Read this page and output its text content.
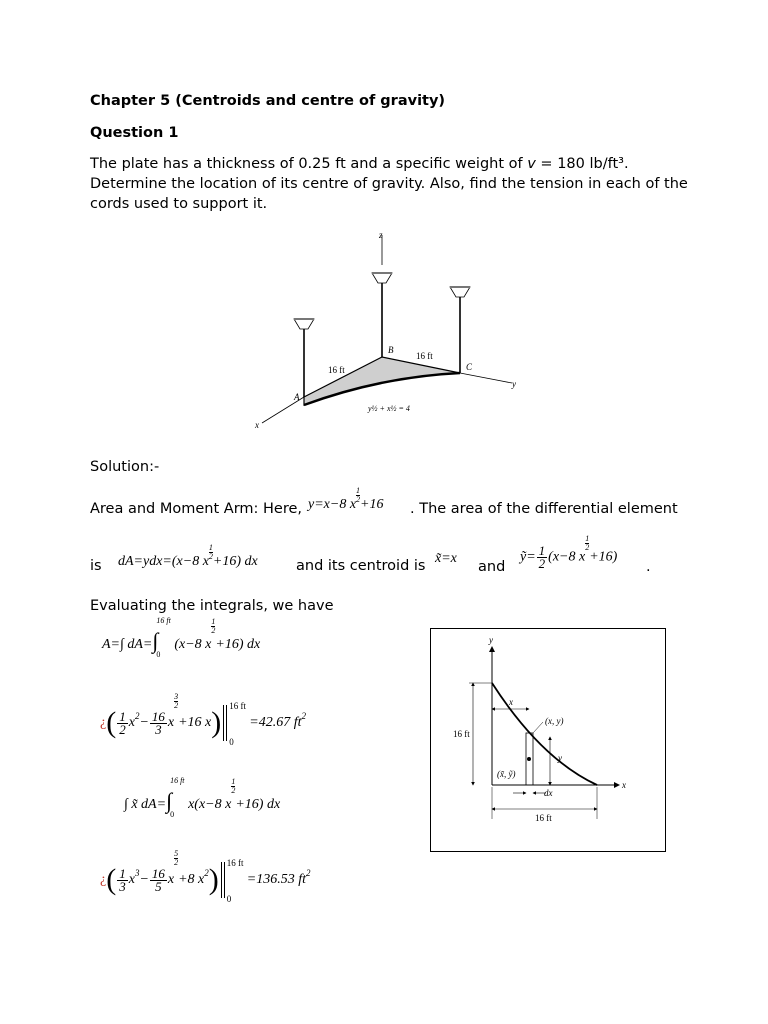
Chapter 5 (Centroids and centre of gravity)
Question 1
The plate has a thickness of 0.25 ft and a specific weight of v = 180 lb/ft³.
Determine the location of its centre of gravity. Also, find the tension in each of the
cords used to support it.
z
x
y
A
B
C
16 ft
16 ft
y½ + x½ = 4
Solution:-
Area and Moment Arm: Here, y=x−8 x
$\frac{1}{2}+16$ . The area of the differential element
is dA=ydx=(x−8 x
$\frac{1}{2}+16$) dx	and its centroid is x̃=x
and
ỹ= $\frac{1}{2} (x-8$ x
$\frac{1}{2}+16$)
.
Evaluating the integrals, we have
A=∫ dA=∫
16 ft
0
(x−8 x
$\frac{1}{2}+16$) dx
¿( $\frac{1}{2} x^2- \frac{16}{3}$ x
$\frac{3}{2}+16$ x) 16 ft
0
=42.67 $ft^2$
∫ x̃ dA=∫
16 ft
0
x(x−8 x
$\frac{1}{2}+16$) dx
¿( $\frac{1}{3} x^3- \frac{16}{5}$ x
$\frac{5}{2}+8$ $x^2$) 16 ft
0
=136.53 $ft^2$
y
x
16 ft
x
(x, y)
y
(x̃, ỹ)
dx
16 ft
